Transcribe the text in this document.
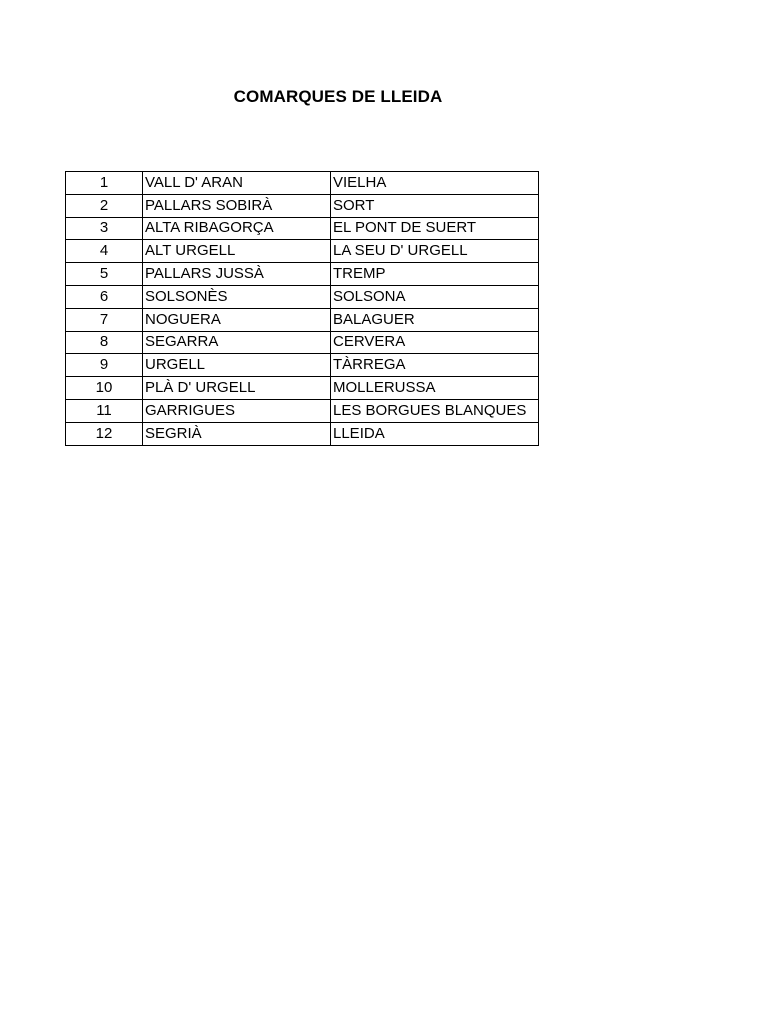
COMARQUES DE LLEIDA
1	VALL D' ARAN	VIELHA
2	PALLARS SOBIRÀ	SORT
3	ALTA RIBAGORÇA	EL PONT DE SUERT
4	ALT URGELL	LA SEU D' URGELL
5	PALLARS JUSSÀ	TREMP
6	SOLSONÈS	SOLSONA
7	NOGUERA	BALAGUER
8	SEGARRA	CERVERA
9	URGELL	TÀRREGA
10	PLÀ D' URGELL	MOLLERUSSA
11	GARRIGUES	LES BORGUES BLANQUES
12	SEGRIÀ	LLEIDA
